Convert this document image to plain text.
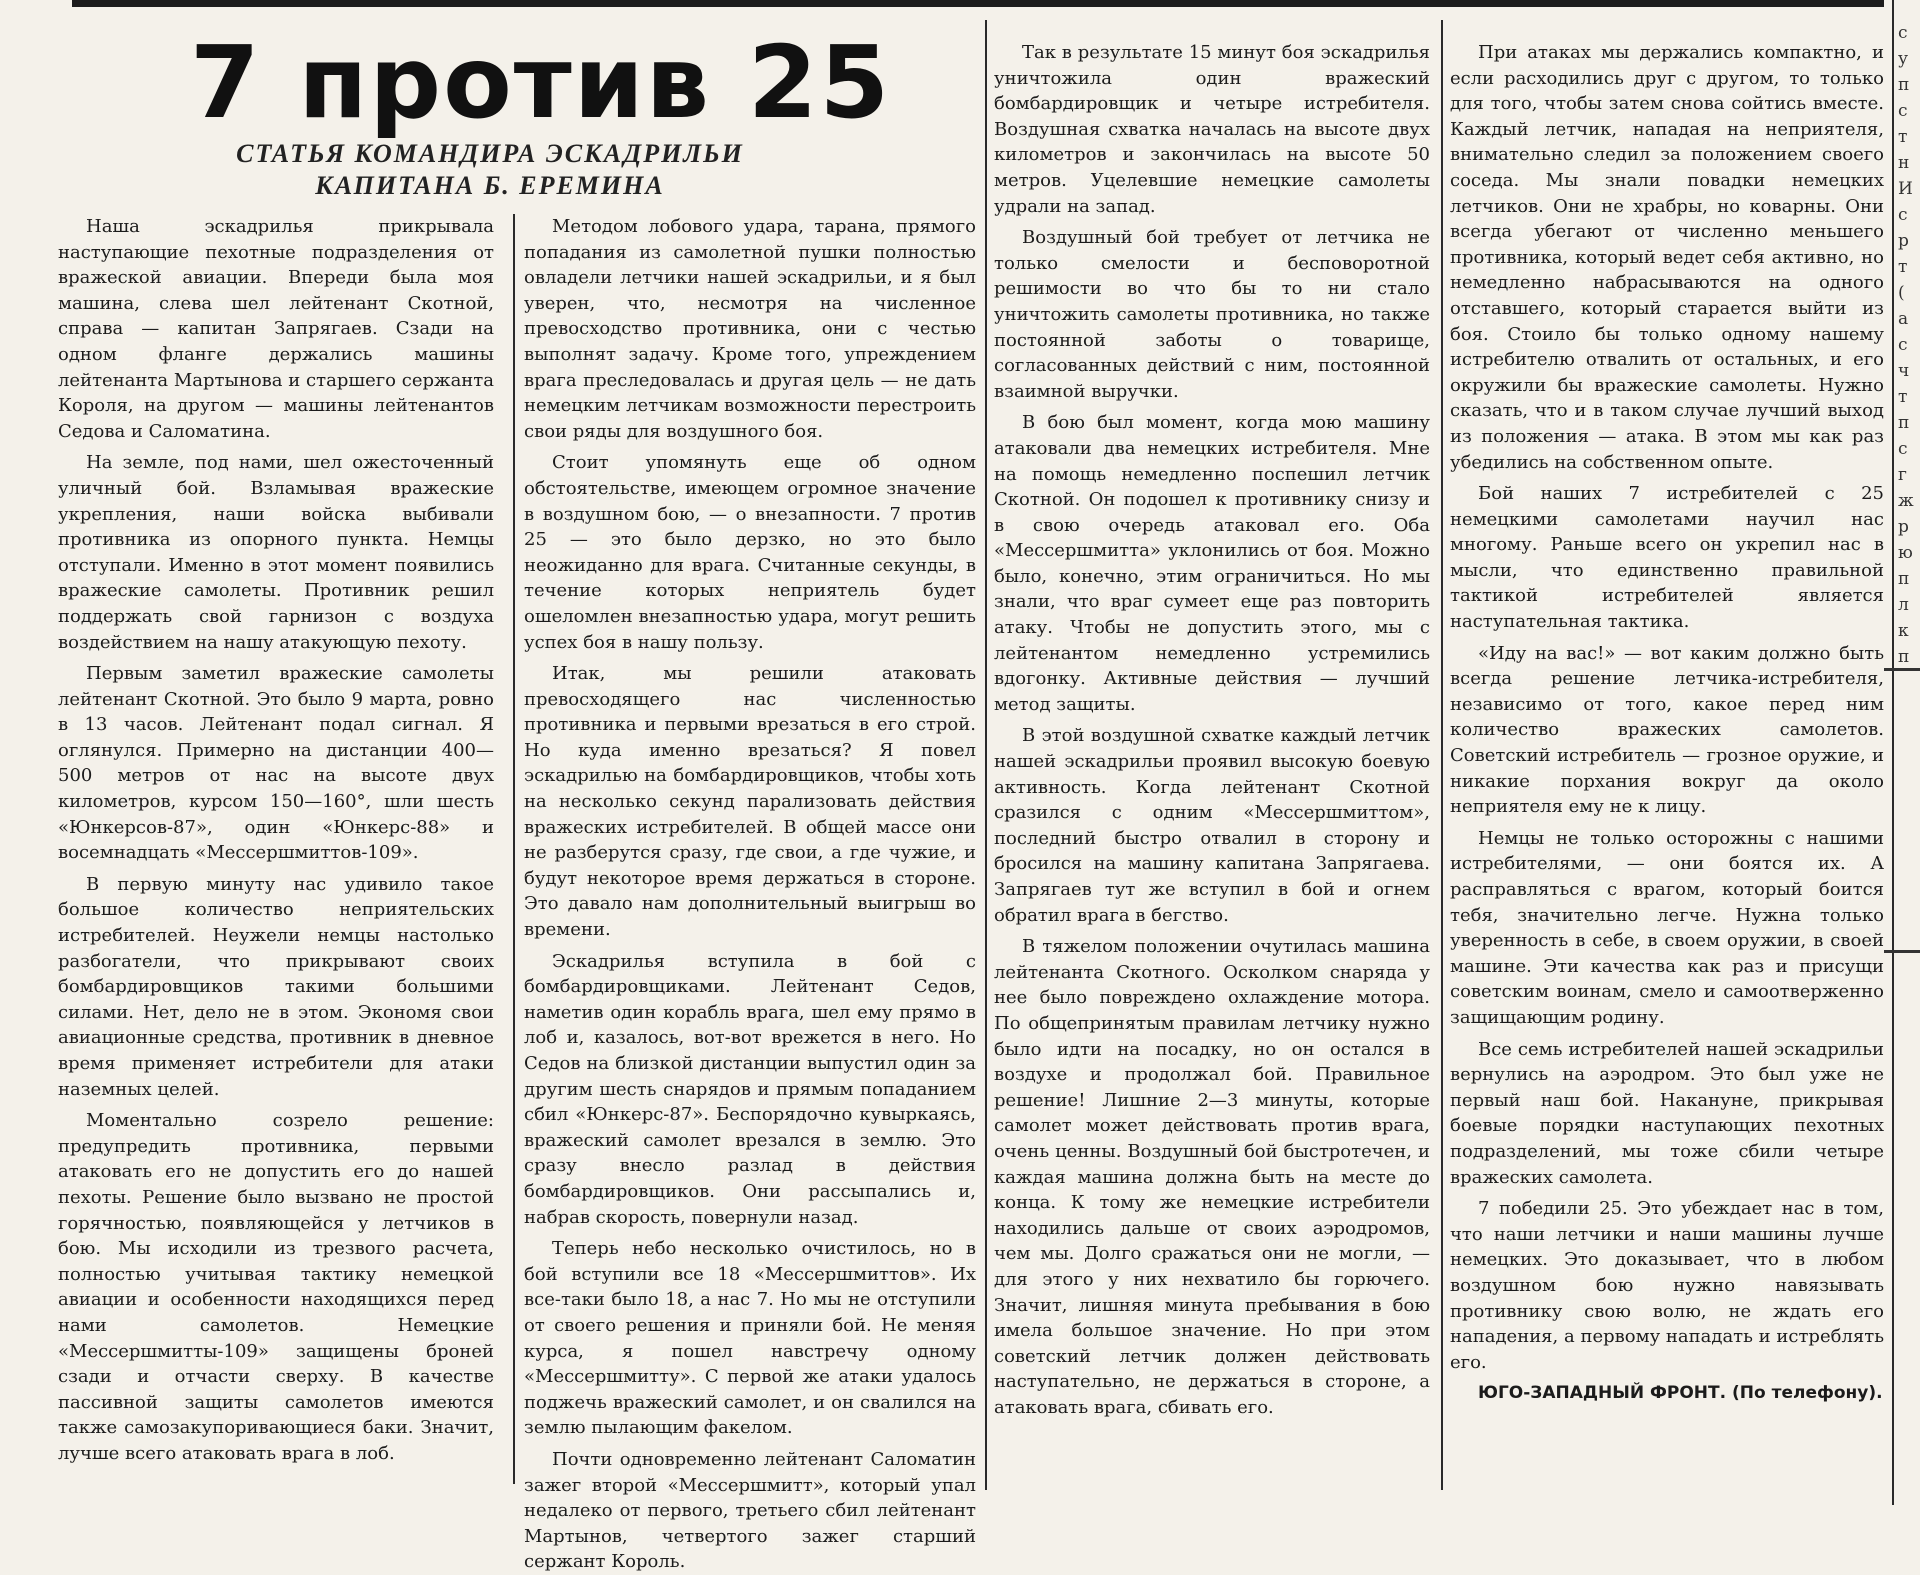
7 против 25
СТАТЬЯ КОМАНДИРА ЭСКАДРИЛЬИ
КАПИТАНА Б. ЕРЕМИНА

Наша эскадрилья прикрывала наступающие пехотные подразделения от вражеской авиации. Впереди была моя машина, слева шел лейтенант Скотной, справа — капитан Запрягаев. Сзади на одном фланге держались машины лейтенанта Мартынова и старшего сержанта Короля, на другом — машины лейтенантов Седова и Саломатина.

На земле, под нами, шел ожесточенный уличный бой. Взламывая вражеские укрепления, наши войска выбивали противника из опорного пункта. Немцы отступали. Именно в этот момент появились вражеские самолеты. Противник решил поддержать свой гарнизон с воздуха воздействием на нашу атакующую пехоту.

Первым заметил вражеские самолеты лейтенант Скотной. Это было 9 марта, ровно в 13 часов. Лейтенант подал сигнал. Я оглянулся. Примерно на дистанции 400—500 метров от нас на высоте двух километров, курсом 150—160°, шли шесть «Юнкерсов-87», один «Юнкерс-88» и восемнадцать «Мессершмиттов-109».

В первую минуту нас удивило такое большое количество неприятельских истребителей. Неужели немцы настолько разбогатели, что прикрывают своих бомбардировщиков такими большими силами. Нет, дело не в этом. Экономя свои авиационные средства, противник в дневное время применяет истребители для атаки наземных целей.

Моментально созрело решение: предупредить противника, первыми атаковать его не допустить его до нашей пехоты. Решение было вызвано не простой горячностью, появляющейся у летчиков в бою. Мы исходили из трезвого расчета, полностью учитывая тактику немецкой авиации и особенности находящихся перед нами самолетов. Немецкие «Мессершмитты-109» защищены броней сзади и отчасти сверху. В качестве пассивной защиты самолетов имеются также самозакупоривающиеся баки. Значит, лучше всего атаковать врага в лоб.

Методом лобового удара, тарана, прямого попадания из самолетной пушки полностью овладели летчики нашей эскадрильи, и я был уверен, что, несмотря на численное превосходство противника, они с честью выполнят задачу. Кроме того, упреждением врага преследовалась и другая цель — не дать немецким летчикам возможности перестроить свои ряды для воздушного боя.

Стоит упомянуть еще об одном обстоятельстве, имеющем огромное значение в воздушном бою, — о внезапности. 7 против 25 — это было дерзко, но это было неожиданно для врага. Считанные секунды, в течение которых неприятель будет ошеломлен внезапностью удара, могут решить успех боя в нашу пользу.

Итак, мы решили атаковать превосходящего нас численностью противника и первыми врезаться в его строй. Но куда именно врезаться? Я повел эскадрилью на бомбардировщиков, чтобы хоть на несколько секунд парализовать действия вражеских истребителей. В общей массе они не разберутся сразу, где свои, а где чужие, и будут некоторое время держаться в стороне. Это давало нам дополнительный выигрыш во времени.

Эскадрилья вступила в бой с бомбардировщиками. Лейтенант Седов, наметив один корабль врага, шел ему прямо в лоб и, казалось, вот-вот врежется в него. Но Седов на близкой дистанции выпустил один за другим шесть снарядов и прямым попаданием сбил «Юнкерс-87». Беспорядочно кувыркаясь, вражеский самолет врезался в землю. Это сразу внесло разлад в действия бомбардировщиков. Они рассыпались и, набрав скорость, повернули назад.

Теперь небо несколько очистилось, но в бой вступили все 18 «Мессершмиттов». Их все-таки было 18, а нас 7. Но мы не отступили от своего решения и приняли бой. Не меняя курса, я пошел навстречу одному «Мессершмитту». С первой же атаки удалось поджечь вражеский самолет, и он свалился на землю пылающим факелом.

Почти одновременно лейтенант Саломатин зажег второй «Мессершмитт», который упал недалеко от первого, третьего сбил лейтенант Мартынов, четвертого зажег старший сержант Король.

Так в результате 15 минут боя эскадрилья уничтожила один вражеский бомбардировщик и четыре истребителя. Воздушная схватка началась на высоте двух километров и закончилась на высоте 50 метров. Уцелевшие немецкие самолеты удрали на запад.

Воздушный бой требует от летчика не только смелости и бесповоротной решимости во что бы то ни стало уничтожить самолеты противника, но также постоянной заботы о товарище, согласованных действий с ним, постоянной взаимной выручки.

В бою был момент, когда мою машину атаковали два немецких истребителя. Мне на помощь немедленно поспешил летчик Скотной. Он подошел к противнику снизу и в свою очередь атаковал его. Оба «Мессершмитта» уклонились от боя. Можно было, конечно, этим ограничиться. Но мы знали, что враг сумеет еще раз повторить атаку. Чтобы не допустить этого, мы с лейтенантом немедленно устремились вдогонку. Активные действия — лучший метод защиты.

В этой воздушной схватке каждый летчик нашей эскадрильи проявил высокую боевую активность. Когда лейтенант Скотной сразился с одним «Мессершмиттом», последний быстро отвалил в сторону и бросился на машину капитана Запрягаева. Запрягаев тут же вступил в бой и огнем обратил врага в бегство.

В тяжелом положении очутилась машина лейтенанта Скотного. Осколком снаряда у нее было повреждено охлаждение мотора. По общепринятым правилам летчику нужно было идти на посадку, но он остался в воздухе и продолжал бой. Правильное решение! Лишние 2—3 минуты, которые самолет может действовать против врага, очень ценны. Воздушный бой быстротечен, и каждая машина должна быть на месте до конца. К тому же немецкие истребители находились дальше от своих аэродромов, чем мы. Долго сражаться они не могли, — для этого у них нехватило бы горючего. Значит, лишняя минута пребывания в бою имела большое значение. Но при этом советский летчик должен действовать наступательно, не держаться в стороне, а атаковать врага, сбивать его.

При атаках мы держались компактно, и если расходились друг с другом, то только для того, чтобы затем снова сойтись вместе. Каждый летчик, нападая на неприятеля, внимательно следил за положением своего соседа. Мы знали повадки немецких летчиков. Они не храбры, но коварны. Они всегда убегают от численно меньшего противника, который ведет себя активно, но немедленно набрасываются на одного отставшего, который старается выйти из боя. Стоило бы только одному нашему истребителю отвалить от остальных, и его окружили бы вражеские самолеты. Нужно сказать, что и в таком случае лучший выход из положения — атака. В этом мы как раз убедились на собственном опыте.

Бой наших 7 истребителей с 25 немецкими самолетами научил нас многому. Раньше всего он укрепил нас в мысли, что единственно правильной тактикой истребителей является наступательная тактика.

«Иду на вас!» — вот каким должно быть всегда решение летчика-истребителя, независимо от того, какое перед ним количество вражеских самолетов. Советский истребитель — грозное оружие, и никакие порхания вокруг да около неприятеля ему не к лицу.

Немцы не только осторожны с нашими истребителями, — они боятся их. А расправляться с врагом, который боится тебя, значительно легче. Нужна только уверенность в себе, в своем оружии, в своей машине. Эти качества как раз и присущи советским воинам, смело и самоотверженно защищающим родину.

Все семь истребителей нашей эскадрильи вернулись на аэродром. Это был уже не первый наш бой. Накануне, прикрывая боевые порядки наступающих пехотных подразделений, мы тоже сбили четыре вражеских самолета.

7 победили 25. Это убеждает нас в том, что наши летчики и наши машины лучше немецких. Это доказывает, что в любом воздушном бою нужно навязывать противнику свою волю, не ждать его нападения, а первому нападать и истреблять его.

ЮГО-ЗАПАДНЫЙ ФРОНТ. (По телефону).

с
у
п
с
т
н
И
с
р
т
(
а
с
ч
т
п
с
г
ж
р
ю
п
л
к
п
